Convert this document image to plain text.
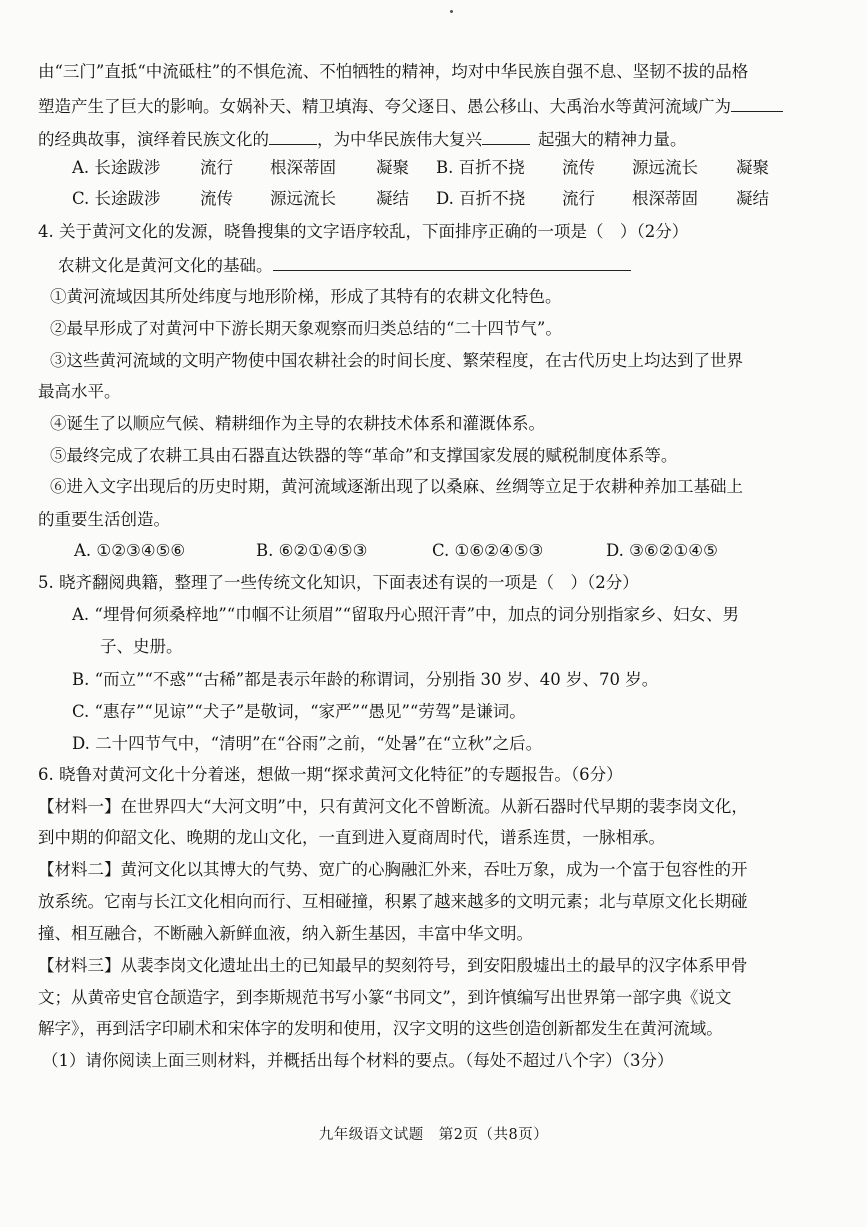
由“三门”直抵“中流砥柱”的不惧危流、不怕牺牲的精神，均对中华民族自强不息、坚韧不拔的品格
塑造产生了巨大的影响。女娲补天、精卫填海、夸父逐日、愚公移山、大禹治水等黄河流域广为
的经典故事，演绎着民族文化的	，为中华民族伟大复兴	起强大的精神力量。
A. 长途跋涉 流行 根深蒂固 凝聚 B. 百折不挠 流传 源远流长 凝聚
C. 长途跋涉 流传 源远流长 凝结 D. 百折不挠 流行 根深蒂固 凝结
4. 关于黄河文化的发源，晓鲁搜集的文字语序较乱，下面排序正确的一项是（　）（2分）
农耕文化是黄河文化的基础。
①黄河流域因其所处纬度与地形阶梯，形成了其特有的农耕文化特色。
②最早形成了对黄河中下游长期天象观察而归类总结的“二十四节气”。
③这些黄河流域的文明产物使中国农耕社会的时间长度、繁荣程度，在古代历史上均达到了世界
最高水平。
④诞生了以顺应气候、精耕细作为主导的农耕技术体系和灌溉体系。
⑤最终完成了农耕工具由石器直达铁器的等“革命”和支撑国家发展的赋税制度体系等。
⑥进入文字出现后的历史时期，黄河流域逐渐出现了以桑麻、丝绸等立足于农耕种养加工基础上
的重要生活创造。
A. ①②③④⑤⑥	B. ⑥②①④⑤③	C. ①⑥②④⑤③	D. ③⑥②①④⑤
5. 晓齐翻阅典籍，整理了一些传统文化知识，下面表述有误的一项是（　）（2分）
A. “埋骨何须桑梓地”“巾帼不让须眉”“留取丹心照汗青”中，加点的词分别指家乡、妇女、男
子、史册。
B. “而立”“不惑”“古稀”都是表示年龄的称谓词，分别指 30 岁、40 岁、70 岁。
C. “惠存”“见谅”“犬子”是敬词，“家严”“愚见”“劳驾”是谦词。
D. 二十四节气中，“清明”在“谷雨”之前，“处暑”在“立秋”之后。
6. 晓鲁对黄河文化十分着迷，想做一期“探求黄河文化特征”的专题报告。（6分）
【材料一】在世界四大“大河文明”中，只有黄河文化不曾断流。从新石器时代早期的裴李岗文化，
到中期的仰韶文化、晚期的龙山文化，一直到进入夏商周时代，谱系连贯，一脉相承。
【材料二】黄河文化以其博大的气势、宽广的心胸融汇外来，吞吐万象，成为一个富于包容性的开
放系统。它南与长江文化相向而行、互相碰撞，积累了越来越多的文明元素；北与草原文化长期碰
撞、相互融合，不断融入新鲜血液，纳入新生基因，丰富中华文明。
【材料三】从裴李岗文化遗址出土的已知最早的契刻符号，到安阳殷墟出土的最早的汉字体系甲骨
文；从黄帝史官仓颉造字，到李斯规范书写小篆“书同文”，到许慎编写出世界第一部字典《说文
解字》，再到活字印刷术和宋体字的发明和使用，汉字文明的这些创造创新都发生在黄河流域。
（1）请你阅读上面三则材料，并概括出每个材料的要点。（每处不超过八个字）（3分）
九年级语文试题　第2页（共8页）
